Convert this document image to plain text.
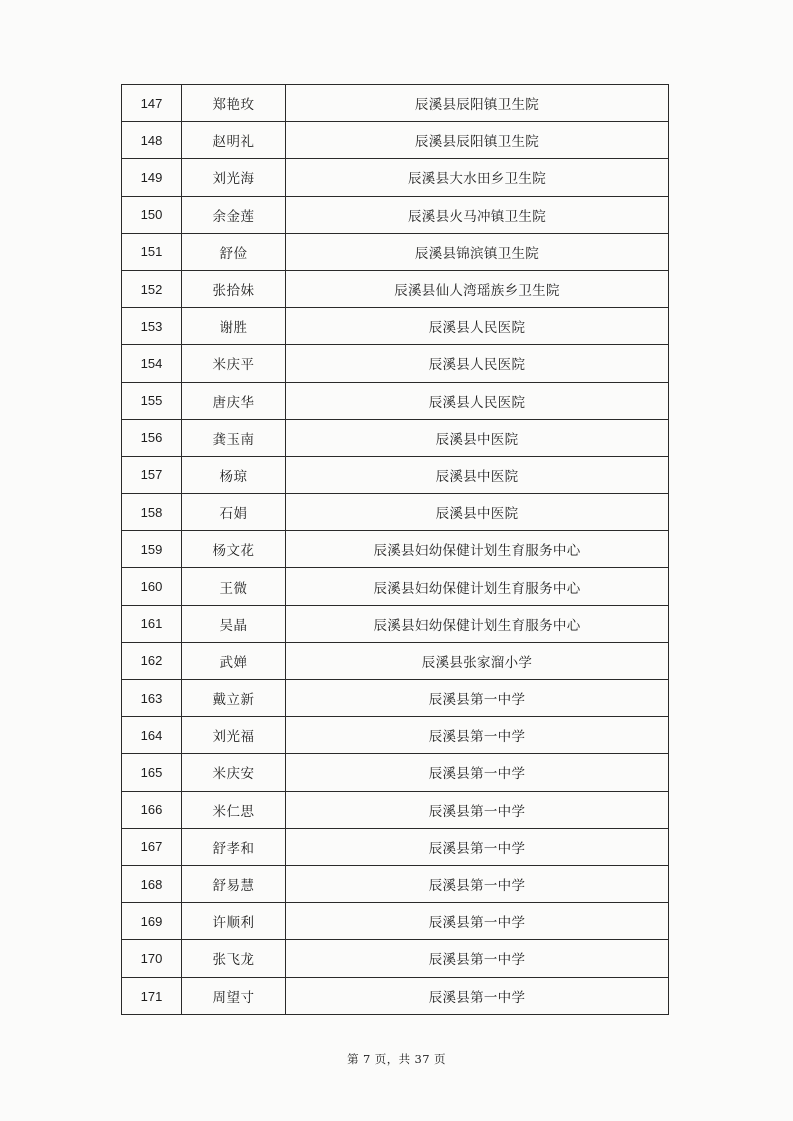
147	郑艳玫	辰溪县辰阳镇卫生院
148	赵明礼	辰溪县辰阳镇卫生院
149	刘光海	辰溪县大水田乡卫生院
150	余金莲	辰溪县火马冲镇卫生院
151	舒俭	辰溪县锦滨镇卫生院
152	张拾妹	辰溪县仙人湾瑶族乡卫生院
153	谢胜	辰溪县人民医院
154	米庆平	辰溪县人民医院
155	唐庆华	辰溪县人民医院
156	龚玉南	辰溪县中医院
157	杨琼	辰溪县中医院
158	石娟	辰溪县中医院
159	杨文花	辰溪县妇幼保健计划生育服务中心
160	王微	辰溪县妇幼保健计划生育服务中心
161	吴晶	辰溪县妇幼保健计划生育服务中心
162	武婵	辰溪县张家溜小学
163	戴立新	辰溪县第一中学
164	刘光福	辰溪县第一中学
165	米庆安	辰溪县第一中学
166	米仁思	辰溪县第一中学
167	舒孝和	辰溪县第一中学
168	舒易慧	辰溪县第一中学
169	许顺利	辰溪县第一中学
170	张飞龙	辰溪县第一中学
171	周望寸	辰溪县第一中学
第 7 页，共 37 页
